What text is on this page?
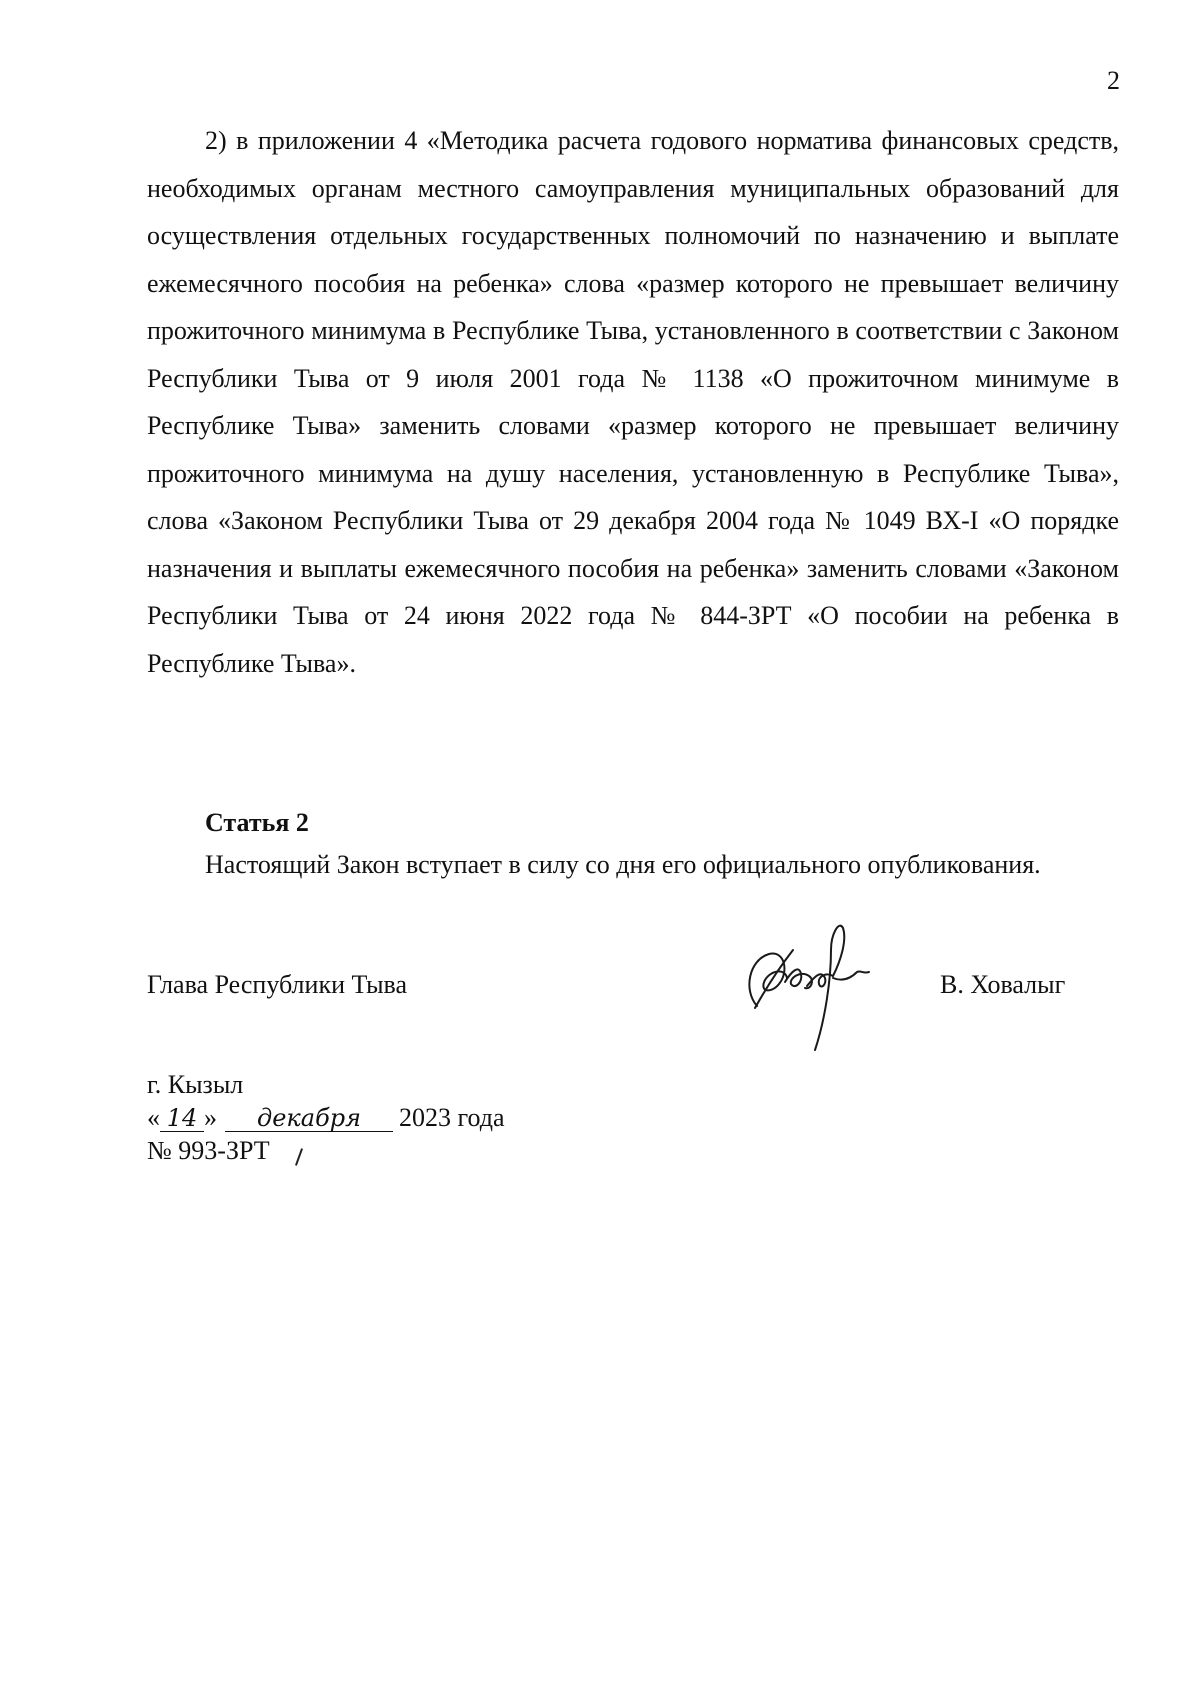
2

2) в приложении 4 «Методика расчета годового норматива финансовых средств, необходимых органам местного самоуправления муниципальных образований для осуществления отдельных государственных полномочий по назначению и выплате ежемесячного пособия на ребенка» слова «размер которого не превышает величину прожиточного минимума в Республике Тыва, установленного в соответствии с Законом Республики Тыва от 9 июля 2001 года № 1138 «О прожиточном минимуме в Республике Тыва» заменить словами «размер которого не превышает величину прожиточного минимума на душу населения, установленную в Республике Тыва», слова «Законом Республики Тыва от 29 декабря 2004 года № 1049 ВХ-I «О порядке назначения и выплаты ежемесячного пособия на ребенка» заменить словами «Законом Республики Тыва от 24 июня 2022 года № 844-ЗРТ «О пособии на ребенка в Республике Тыва».

Статья 2

Настоящий Закон вступает в силу со дня его официального опубликования.

Глава Республики Тыва	В. Ховалыг
г. Кызыл
« 14 » декабря 2023 года
№ 993-ЗРТ
